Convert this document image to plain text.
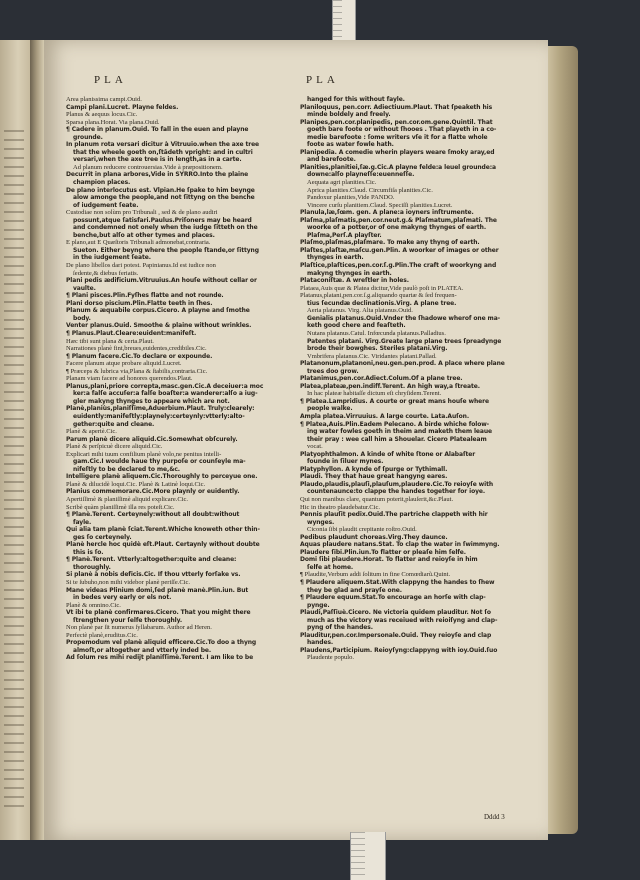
PLA	PLA
Area planissima campi.Ouid.
Campi plani.Lucret. Playne feldes.
Planus & aequus locus.Cic.
Sparsa plana.Horat. Via plana.Ouid.
¶ Cadere in planum.Ouid. To fall in the euen and playne
grounde.
In planum rota versari dicitur à Vitruuio.when the axe tree
that the wheele goeth on,ſtādeth vpright: and in cultri
versari,when the axe tree is in length,as in a carte.
Ad planum reducere controuersias.Vide à præpositionem.
Decurrit in plana arbores,Vide in SYRRO.Into the plaine
champion places.
De plano interlocutus est. Vlpian.He ſpake to him beynge
alow amonge the people,and not ſittyng on the benche
of iudgement ſeate.
Custodiae non solùm pro Tribunali , sed & de plano audiri
possunt,atque ſatisfari.Paulus.Priſoners may be heard
and condemned not onely when the iudge ſitteth on the
benche,but alſo at other tymes and places.
E plano,aut E Quæſtoris Tribunali admonebat,contraria.
Sueton. Either beyng where the people ſtande,or ſittyng
in the iudgement ſeate.
De plano libellos dari potest. Papinianus.Id est iudice non
ſedente,& diebus feriatis.
Plani pedis ædificium.Vitruuius.An houſe without cellar or
vaulte.
¶ Plani pisces.Plin.Fyſhes flatte and not rounde.
Plani dorso piscium.Plin.Flatte teeth in ſhes.
Planum & æquabile corpus.Cicero. A playne and ſmothe
body.
Venter planus.Ouid. Smoothe & plaine without wrinkles.
¶ Planus.Plaut.Cleare:euident:manifeſt.
Hæc tibi sunt plana & certa.Plaut.
Narrationes planè fint,breues,euidentes,credibiles.Cic.
¶ Planum facere.Cic.To declare or expounde.
Facere planum atque probare aliquid.Lucret.
¶ Præceps & lubrica via,Plana & ſtabilis,contraria.Cic.
Planam viam facere ad honores querendos.Plaut.
Planus,plani,priore correpta,masc.gen.Cic.A deceiuer:a moc
ker:a falſe accuſer:a falſe boaſter:a wanderer:alſo a iug-
gler makyng thynges to appeare which are not.
Planè,planiùs,planiſſime,Aduerbium.Plaut. Truly:clearely:
euidently:manifeſtly:playnely:certeynly:vtterly:alto-
gether:quite and cleane.
Planè & apertè.Cic.
Parum planè dicere aliquid.Cic.Somewhat obſcurely.
Planè & perſpicuè dicere aliquid.Cic.
Explicari mihi tuum confilium planè volo,ne penitus intelli-
gam.Cic.I woulde haue thy purpoſe or counſeyle ma-
nifeſtly to be declared to me,&c.
Intelligere planè aliquem.Cic.Thoroughly to perceyue one.
Planè & dilucidè loqui.Cic. Planè & Latinè loqui.Cic.
Planius commemorare.Cic.More playnly or euidently.
Apertiſſimè & planiſſimè aliquid explicare.Cic.
Scribè quàm planiſſimè illa res poteſt.Cic.
¶ Planè.Terent. Certeynely:without all doubt:without
fayle.
Qui alia tam planè ſciat.Terent.Whiche knoweth other thin-
ges ſo certeynely.
Planè hercle hoc quidè eſt.Plaut. Certaynly without doubte
this is ſo.
¶ Planè.Terent. Vtterly:altogether:quite and cleane:
thoroughly.
Si planè à nobis deficis.Cic. If thou vtterly forſake vs.
Si te ſubuho,non mihi videbor planè periſſe.Cic.
Mane videas Plinium domi,ſed planè manè.Plin.iun. But
in bedes very early or els not.
Planè & omnino.Cic.
Vt ibi te planè confirmares.Cicero. That you might there
ſtrengthen your ſelfe thoroughly.
Non planè par ſit numerus ſyllabarum. Author ad Heren.
Perfectè planè,eruditus.Cic.
Propemodum vel planè aliquid efficere.Cic.To doo a thyng
almoſt,or altogether and vtterly inded be.
Ad ſolum res mihi redijt planiſſimè.Terent. I am like to be
hanged for this without fayle.
Planiloquus, pen.corr. Adiectiuum.Plaut. That ſpeaketh his
minde boldely and freely.
Planipes,pen.cor.planipedis, pen.cor.om.gene.Quintil. That
goeth bare foote or without ſhooes . That playeth in a co-
medie barefoote : ſome writers vſe it for a flatte whole
foote as water fowle hath.
Planipedia. A comedie wherin players weare ſmoky aray,ed
and barefoote.
Planities,planitiei,ſæ.g.Cic.A playne felde:a leuel grounde:a
downe:alſo playneſſe:euenneſſe.
Aequata agri planities.Cic.
Aprica planities.Claud. Circumfiſa planities.Cic.
Pandoxur planities,Vide PANDO.
Vincere curſu planitiem.Claud. Speciſſi planities.Lucret.
Planula,læ,ſœm. gen. A plane:a ioyners inſtrumente.
Plaſma,plaſmatis,pen.cor.neut.g.& Plaſmatum,plaſmati. The
woorke of a potter,or of one makyng thynges of earth.
Plaſma,Perſ.A playſter.
Plaſmo,plaſmas,plaſmare. To make any thyng of earth.
Plaſtes,plaſtæ,maſcu.gen.Plin. A woorker of images or other
thynges in earth.
Plaſtice,plaſtices,pen.cor.ſ.g.Plin.The craft of woorkyng and
makyng thynges in earth.
Plataconiſtæ. A wreſtler in holes.
Plataea,Auis quæ & Platea dicitur,Vide paulò poſt in PLATEA.
Platanus,platani,pen.cor.ſ.g.aliquando quartæ & ſed frequen-
tius ſecundæ declinationis.Virg. A plane tree.
Aeria platanus. Virg. Alta platanus.Ouid.
Genialis platanus.Ouid.Vnder the ſhadowe wherof one ma-
keth good chere and feaſteth.
Nutans platanus.Catul. Infœcunda platanus.Palladius.
Patentes platani. Virg.Greate large plane trees ſpreadynge
brode their bowghes. Steriles platani.Virg.
Vmbrifera platanus.Cic. Viridantes platani.Pallad.
Platanonum,platanoni,neu.gen.pen.prod. A place where plane
trees doo grow.
Platanimus,pen.cor.Adiect.Colum.Of a plane tree.
Platea,plateæ,pen.indiff.Terent. An high way,a ſtreate.
In hac plateæ habitaſſe dictum eſt chryſidem.Terent.
¶ Platea.Lampridius. A courte or great mans houſe where
people walke.
Ampla platea.Virruuius. A large courte. Lata.Auſon.
¶ Platea,Auis.Plin.Eadem Pelecano. A birde whiche folow-
ing water fowles goeth in theim and maketh them leaue
their pray : wee call him a Shouelar. Cicero Platealeam
vocat.
Platyophthalmon. A kinde of white ſtone or Alabaſter
founde in ſiluer mynes.
Platyphyllon. A kynde of ſpurge or Tythimall.
Plaudi. They that haue great hangyng eares.
Plaudo,plaudis,plauſi,plauſum,plaudere.Cic.To reioyſe with
countenaunce:to clappe the handes together for ioye.
Qui non manibus clare, quantum poterit,plauſerit,&c.Plaut.
Hic in theatro plaudebatur.Cic.
Pennis plauſit pedix.Ouid.The partriche clappeth with hir
wynges.
Ciconia ſibi plaudit crepitante roſtro.Ouid.
Pedibus plaudunt choreas.Virg.They daunce.
Aquas plaudere natans.Stat. To clap the water in ſwimmyng.
Plaudere ſibi.Plin.iun.To flatter or pleaſe him ſelfe.
Domi ſibi plaudere.Horat. To flatter and reioyſe in him
ſelfe at home.
¶ Plaudite,Verbum addi ſolitum in fine Comœdiarũ.Quint.
¶ Plaudere aliquem.Stat.With clappyng the handes to ſhew
they be glad and prayſe one.
¶ Plaudere equum.Stat.To encourage an horſe with clap-
pynge.
Plaudi,Paſſiuè.Cicero. Ne victoria quidem plauditur. Not ſo
much as the victory was receiued with reioiſyng and clap-
pyng of the handes.
Plauditur,pen.cor.Impersonale.Ouid. They reioyſe and clap
handes.
Plaudens,Participium. Reioyſyng:clappyng with ioy.Ouid.ſuo
Plaudente populo.
Dddd 3
